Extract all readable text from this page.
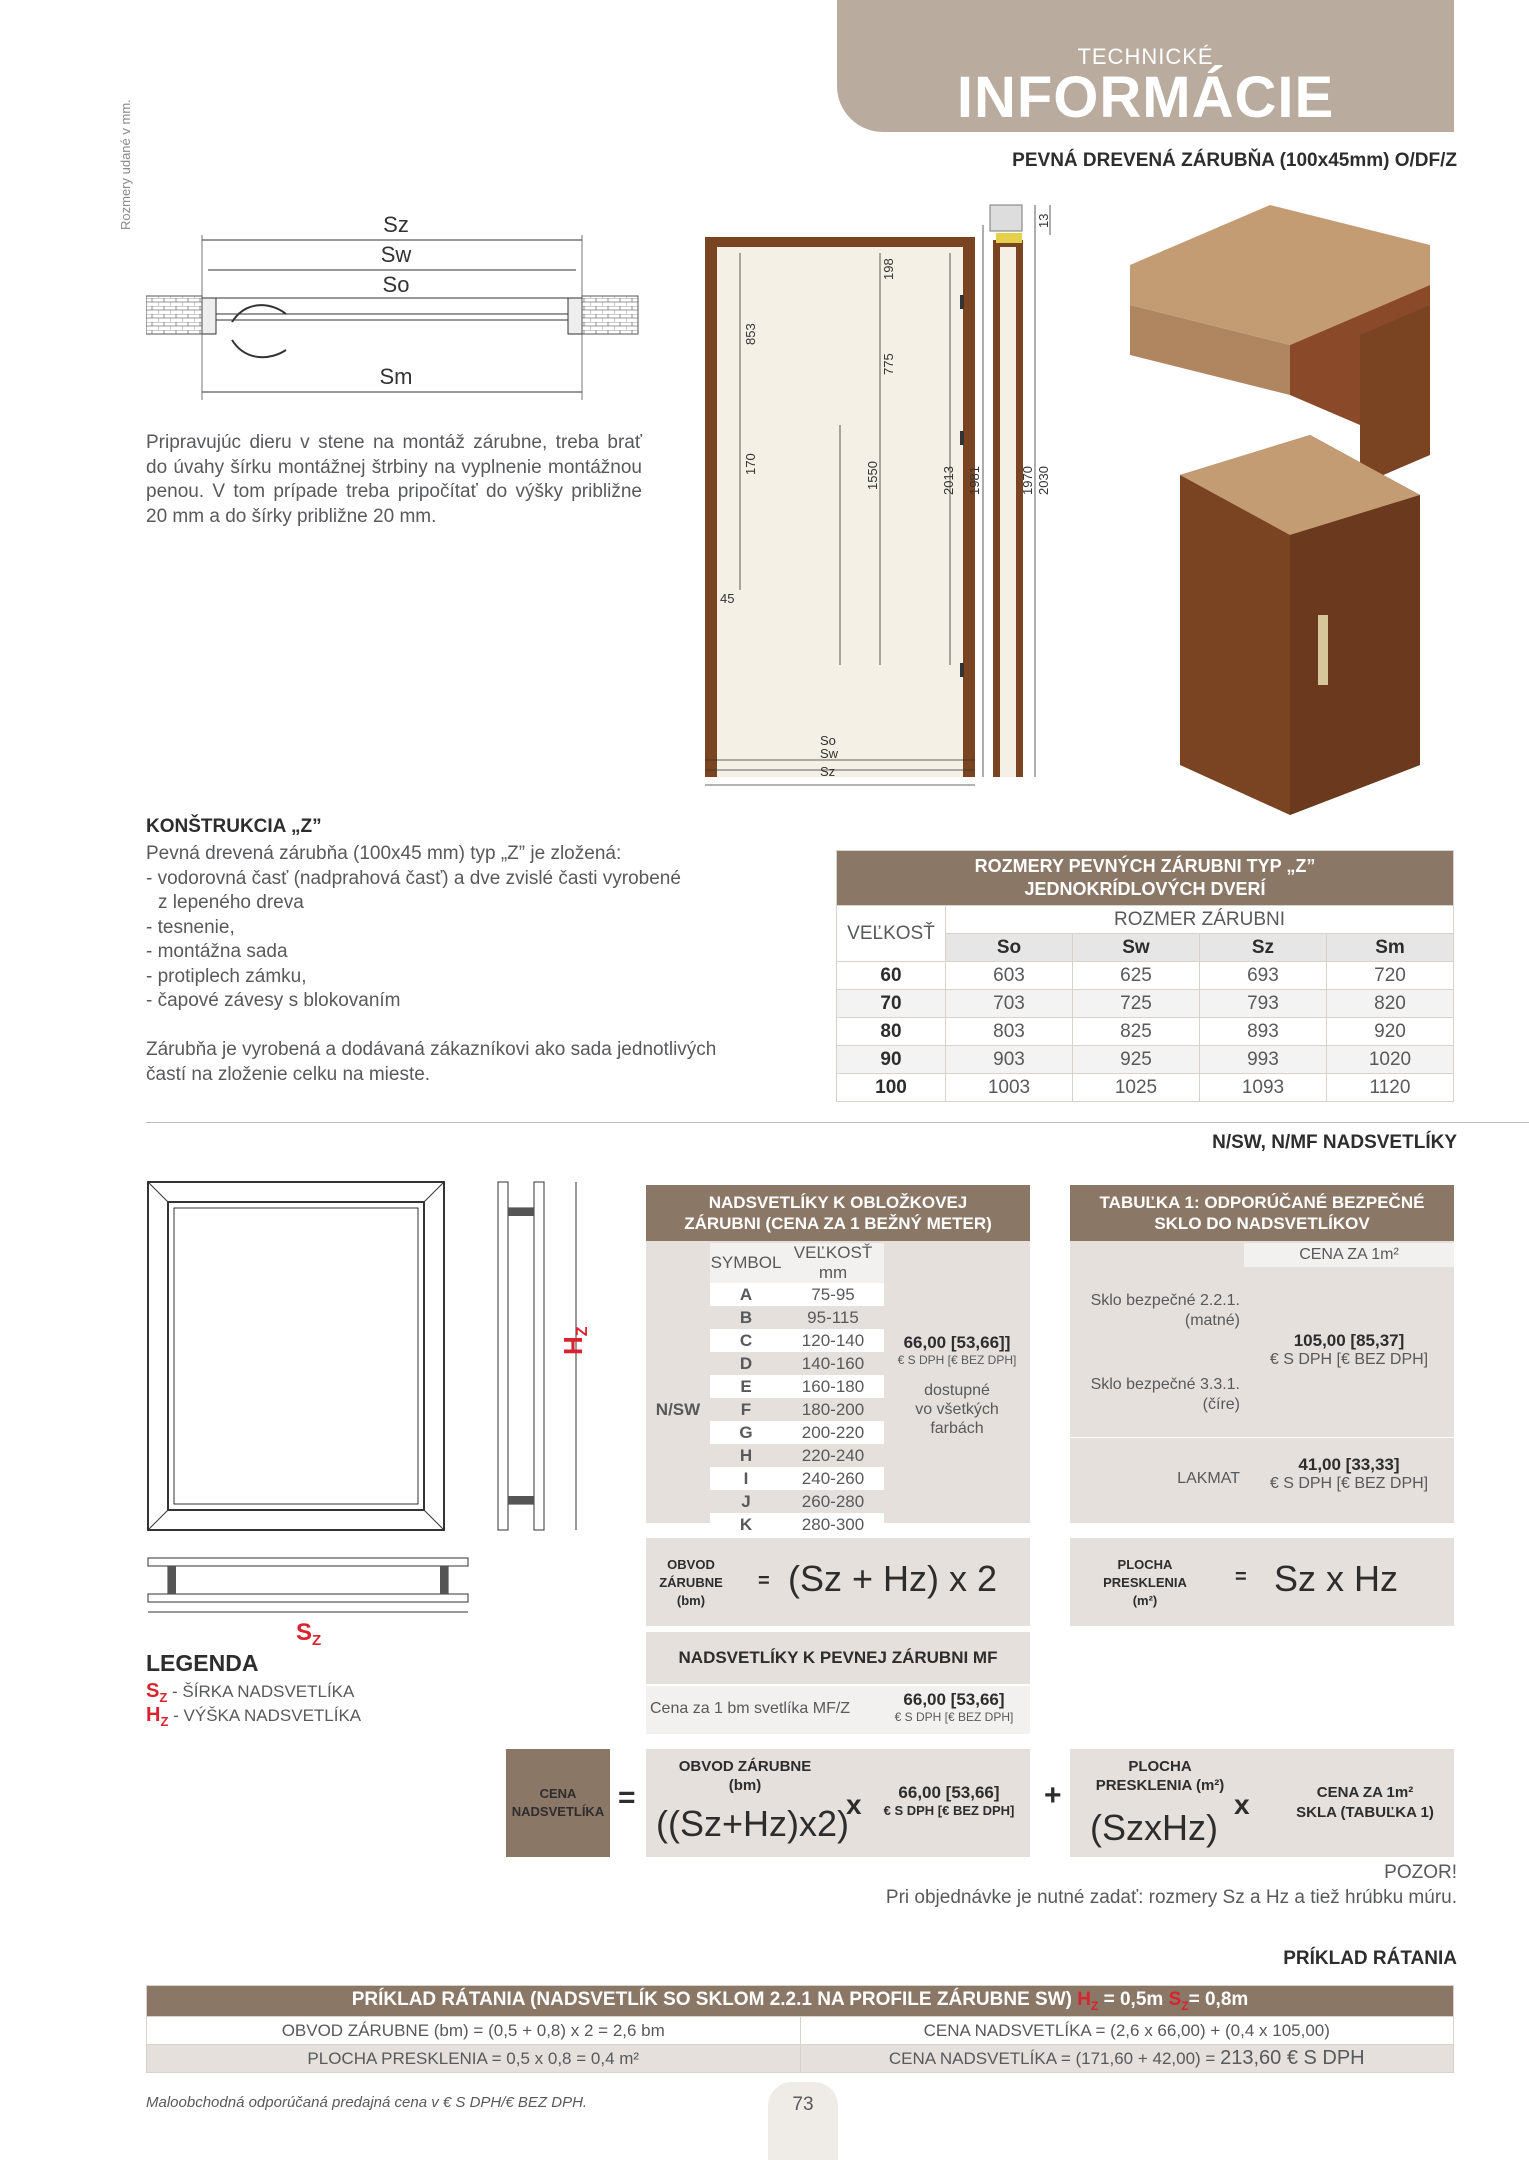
Rozmery udané v mm.
TECHNICKÉ
INFORMÁCIE
PEVNÁ DREVENÁ ZÁRUBŇA (100x45mm) O/DF/Z
Sz
Sw
So
Sm
Pripravujúc dieru v stene na montáž zárubne, treba brať do úvahy šírku montážnej štrbiny na vyplnenie montážnou penou. V tom prípade treba pripočítať do výšky približne 20 mm a do šírky približne 20 mm.
198
853
775
170	1550	2013 1981	1970 2030
13
45
So
Sw
Sz
KONŠTRUKCIA „Z”
Pevná drevená zárubňa (100x45 mm) typ „Z” je zložená:
- vodorovná časť (nadprahová časť) a dve zvislé časti vyrobené
z lepeného dreva
- tesnenie,
- montážna sada
- protiplech zámku,
- čapové závesy s blokovaním
Zárubňa je vyrobená a dodávaná zákazníkovi ako sada jednotlivých
častí na zloženie celku na mieste.
ROZMERY PEVNÝCH ZÁRUBNI TYP „Z”
JEDNOKRÍDLOVÝCH DVERÍ				
VEĽKOSŤ	ROZMER ZÁRUBNI			
	So	Sw	Sz	Sm
60	603	625	693	720
70	703	725	793	820
80	803	825	893	920
90	903	925	993	1020
100	1003	1025	1093	1120
N/SW, N/MF NADSVETLÍKY
HZ
$S_Z$
NADSVETLÍKY K OBLOŽKOVEJ
ZÁRUBNI (CENA ZA 1 BEŽNÝ METER)
	SYMBOL	VEĽKOSŤ mm	
	A	75-95	
	B	95-115	
	C	120-140	
	D	140-160	
	E	160-180	
N/SW	F	180-200	
	G	200-220	
	H	220-240	
	I	240-260	
	J	260-280	
	K	280-300	
66,00 [53,66]]
€ S DPH [€ BEZ DPH]
dostupné
vo všetkých
farbách
TABUĽKA 1: ODPORÚČANÉ BEZPEČNÉ
SKLO DO NADSVETLÍKOV
CENA ZA 1m²
Sklo bezpečné 2.2.1.
(matné)
Sklo bezpečné 3.3.1.
(číre)
105,00 [85,37]
€ S DPH [€ BEZ DPH]
LAKMAT
41,00 [33,33]
€ S DPH [€ BEZ DPH]
OBVOD
ZÁRUBNE
(bm)
= (Sz + Hz) x 2	PLOCHA
PRESKLENIA
(m²)
= Sz x Hz
NADSVETLÍKY K PEVNEJ ZÁRUBNI MF
Cena za 1 bm svetlíka MF/Z	66,00 [53,66]
€ S DPH [€ BEZ DPH]
LEGENDA
$S_Z$ - ŠÍRKA NADSVETLÍKA
$H_Z$ - VÝŠKA NADSVETLÍKA
CENA
NADSVETLÍKA =
OBVOD ZÁRUBNE
(bm)
((Sz+Hz)x2)
x	66,00 [53,66]
€ S DPH [€ BEZ DPH] +
PLOCHA
PRESKLENIA (m²)
(SzxHz)
x	CENA ZA 1m²
SKLA (TABUĽKA 1)
POZOR!
Pri objednávke je nutné zadať: rozmery Sz a Hz a tiež hrúbku múru.
PRÍKLAD RÁTANIA
PRÍKLAD RÁTANIA (NADSVETLÍK SO SKLOM 2.2.1 NA PROFILE ZÁRUBNE SW) $H_Z = 0,5m$ $S_Z= 0,8m$	
OBVOD ZÁRUBNE (bm) = (0,5 + 0,8) x 2 = 2,6 bm	CENA NADSVETLÍKA = (2,6 x 66,00) + (0,4 x 105,00)
PLOCHA PRESKLENIA = 0,5 x 0,8 = 0,4 m²	CENA NADSVETLÍKA = (171,60 + 42,00) = 213,60 € S DPH
Maloobchodná odporúčaná predajná cena v € S DPH/€ BEZ DPH.	73
